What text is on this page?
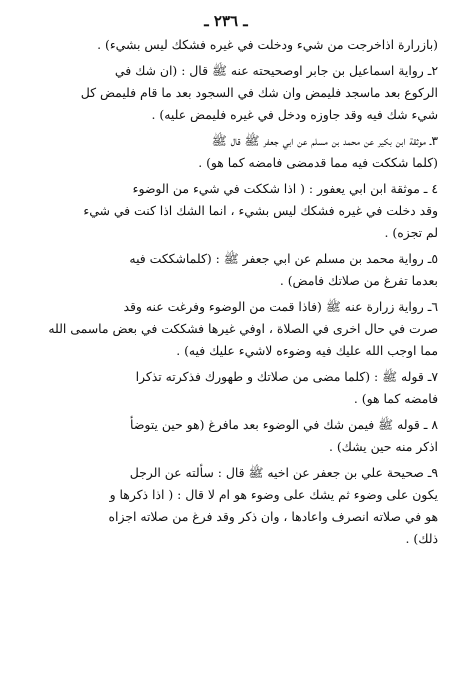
ـ ٢٣٦ ـ
(بازرارة اذاخرجت من شيء ودخلت في غيره فشكك ليس بشيء) .
٢ـ رواية اسماعيل بن جابر اوصحيحته عنه ﷺ قال : (ان شك في
الركوع بعد ماسجد فليمض وان شك في السجود بعد ما قام فليمض كل
شيء شك فيه وقد جاوزه ودخل في غيره فليمض عليه) .
٣ـ موثقة ابن بكير عن محمد بن مسلم عن ابي جعفر ﷺ قال ﷺ
(كلما شككت فيه مما قدمضى فامضه كما هو) .
٤ ـ موثقة ابن ابي يعفور : ( اذا شككت في شيء من الوضوء
وقد دخلت في غيره فشكك ليس بشيء ، انما الشك اذا كنت في شيء
لم تجزه) .
٥ـ رواية محمد بن مسلم عن ابي جعفر ﷺ : (كلماشككت فيه
بعدما تفرغ من صلاتك فامض) .
٦ـ رواية زرارة عنه ﷺ (فاذا قمت من الوضوء وفرغت عنه وقد
صرت في حال اخرى في الصلاة ، اوفي غيرها فشككت في بعض ماسمى الله
مما اوجب الله عليك فيه وضوءه لاشيء عليك فيه) .
٧ـ قوله ﷺ : (كلما مضى من صلاتك و طهورك فذكرته تذكرا
فامضه كما هو) .
٨ ـ قوله ﷺ فيمن شك في الوضوء بعد مافرغ (هو حين يتوضأ
اذكر منه حين يشك) .
٩ـ صحيحة علي بن جعفر عن اخيه ﷺ قال : سألته عن الرجل
يكون على وضوء ثم يشك على وضوء هو ام لا قال : ( اذا ذكرها و
هو في صلاته انصرف واعادها ، وان ذكر وقد فرغ من صلاته اجزاه
ذلك) .
